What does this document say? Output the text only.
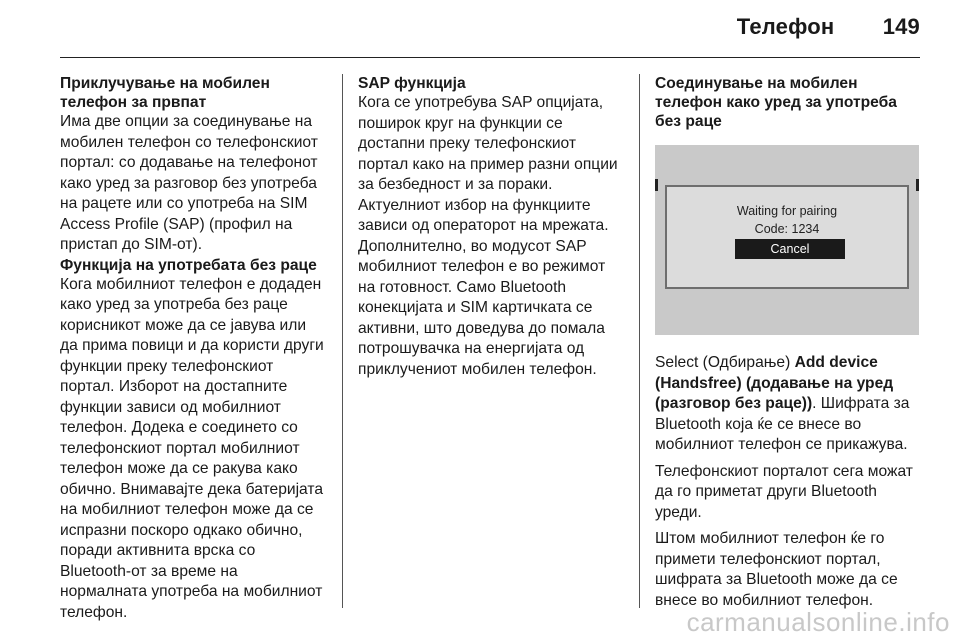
Телефон 149
Приклучување на мобилен телефон за првпат

Има две опции за соединување на мобилен телефон со телефонскиот портал: со додавање на телефонот како уред за разговор без употреба на рацете или со употреба на SIM Access Profile (SAP) (профил на пристап до SIM-от).

Функција на употребата без раце

Кога мобилниот телефон е додаден како уред за употреба без раце корисникот може да се јавува или да прима повици и да користи други функции преку телефонскиот портал. Изборот на достапните функции зависи од мобилниот телефон. Додека е соединето со телефонскиот портал мобилниот телефон може да се ракува како обично. Внимавајте дека батеријата на мобилниот телефон може да се испразни поскоро одкако обично, поради активнита врска со Bluetooth-от за време на нормалната употреба на мобилниот телефон.

SAP функција

Кога се употребува SAP опцијата, поширок круг на функции се достапни преку телефонскиот портал како на пример разни опции за безбедност и за пораки. Актуелниот избор на функциите зависи од операторот на мрежата. Дополнително, во модусот SAP мобилниот телефон е во режимот на готовност. Само Bluetooth конекцијата и SIM картичката се активни, што доведува до помала потрошувачка на енергијата од приклучениот мобилен телефон.

Соединување на мобилен телефон како уред за употреба без раце
Waiting for pairing
Code: 1234
Cancel

Select (Одбирање) Add device (Handsfree) (додавање на уред (разговор без раце)). Шифрата за Bluetooth која ќе се внесе во мобилниот телефон се прикажува.

Телефонскиот порталот сега можат да го приметат други Bluetooth уреди.

Штом мобилниот телефон ќе го примети телефонскиот портал, шифрата за Bluetooth може да се внесе во мобилниот телефон.

carmanualsonline.info
